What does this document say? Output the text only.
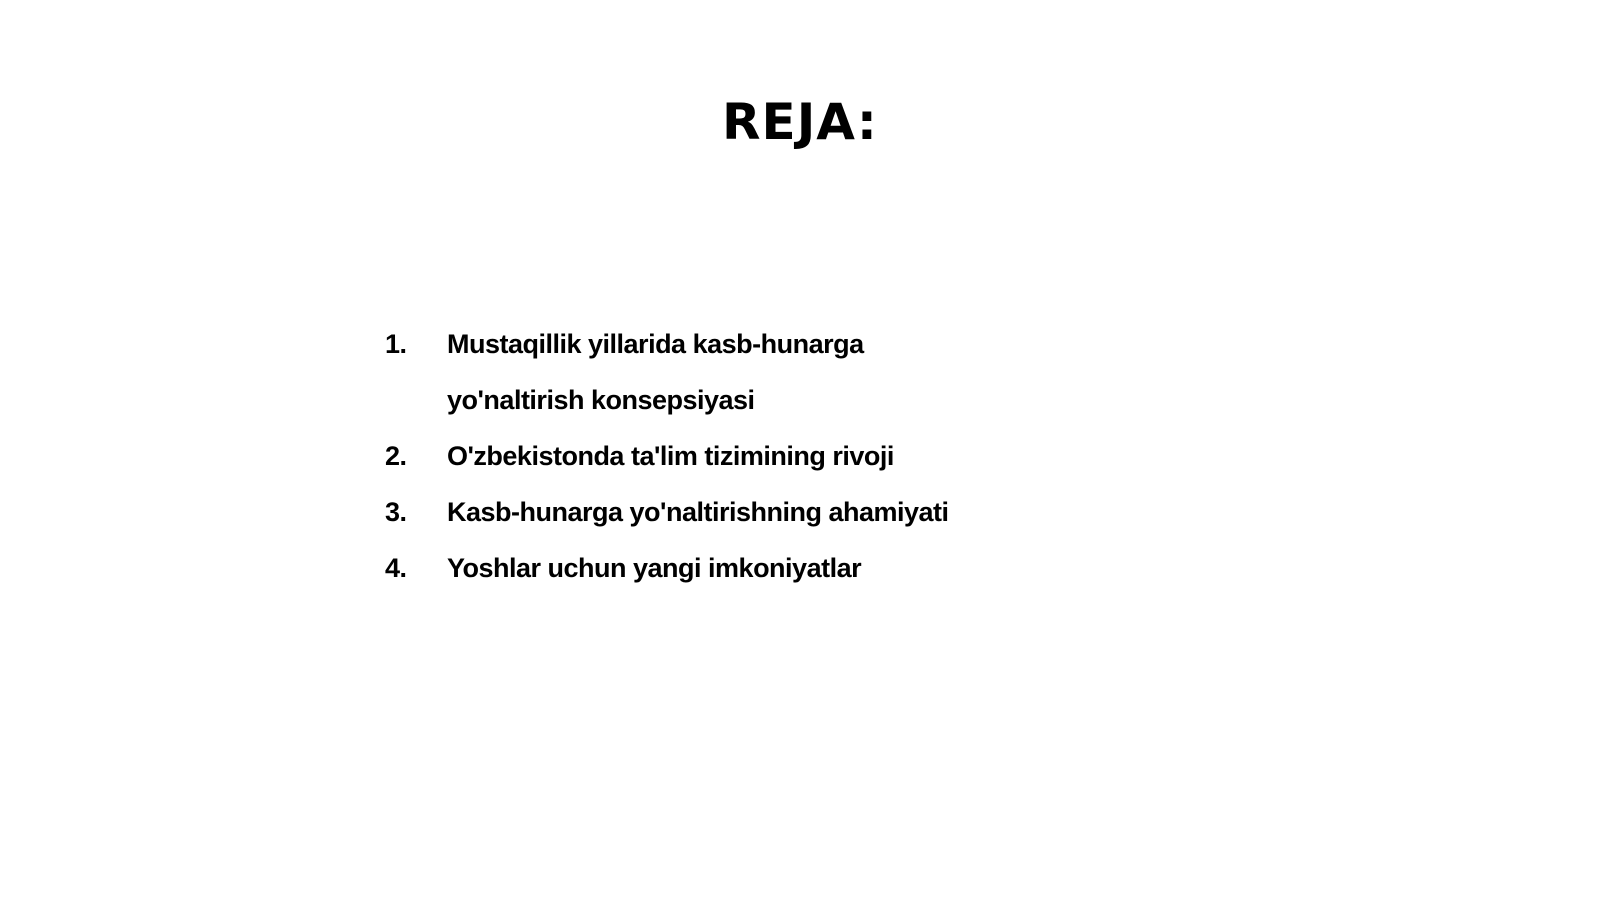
REJA:
1.	Mustaqillik yillarida kasb-hunarga yo'naltirish konsepsiyasi
2.	O'zbekistonda ta'lim tizimining rivoji
3.	Kasb-hunarga yo'naltirishning ahamiyati
4.	Yoshlar uchun yangi imkoniyatlar
